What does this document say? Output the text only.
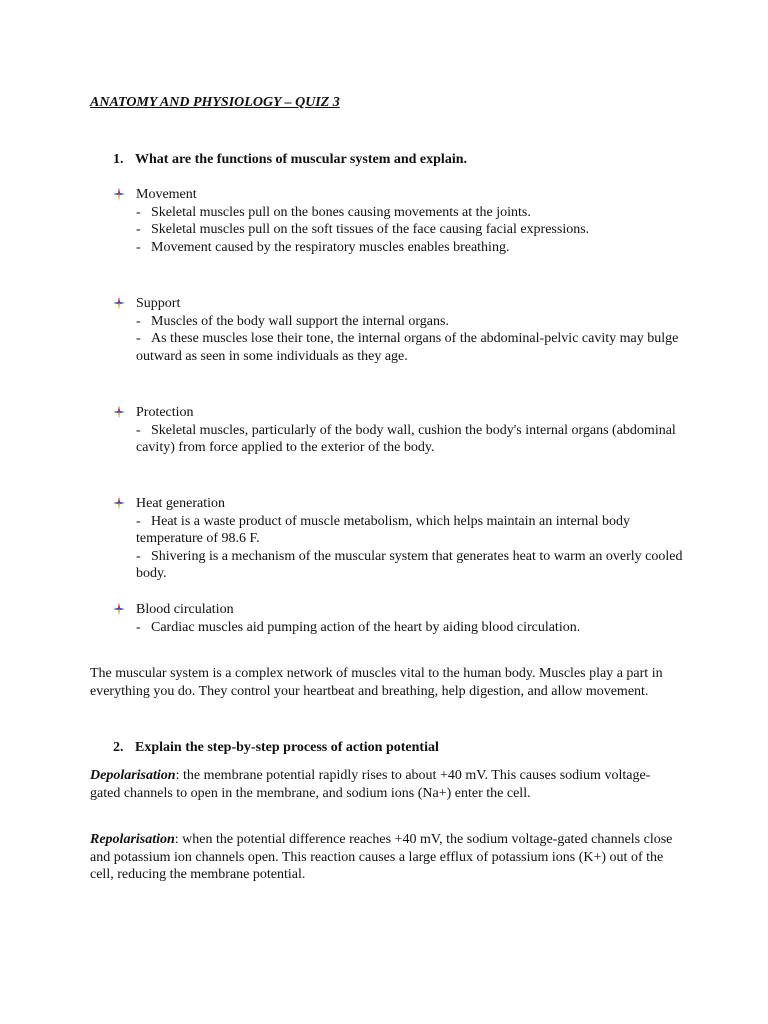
ANATOMY AND PHYSIOLOGY – QUIZ 3
1. What are the functions of muscular system and explain.
Movement
- Skeletal muscles pull on the bones causing movements at the joints.
- Skeletal muscles pull on the soft tissues of the face causing facial expressions.
- Movement caused by the respiratory muscles enables breathing.
Support
- Muscles of the body wall support the internal organs.
- As these muscles lose their tone, the internal organs of the abdominal-pelvic cavity may bulge outward as seen in some individuals as they age.
Protection
- Skeletal muscles, particularly of the body wall, cushion the body's internal organs (abdominal cavity) from force applied to the exterior of the body.
Heat generation
- Heat is a waste product of muscle metabolism, which helps maintain an internal body temperature of 98.6 F.
- Shivering is a mechanism of the muscular system that generates heat to warm an overly cooled body.
Blood circulation
- Cardiac muscles aid pumping action of the heart by aiding blood circulation.
The muscular system is a complex network of muscles vital to the human body. Muscles play a part in everything you do. They control your heartbeat and breathing, help digestion, and allow movement.
2. Explain the step-by-step process of action potential
Depolarisation: the membrane potential rapidly rises to about +40 mV. This causes sodium voltage-gated channels to open in the membrane, and sodium ions (Na+) enter the cell.
Repolarisation: when the potential difference reaches +40 mV, the sodium voltage-gated channels close and potassium ion channels open. This reaction causes a large efflux of potassium ions (K+) out of the cell, reducing the membrane potential.
